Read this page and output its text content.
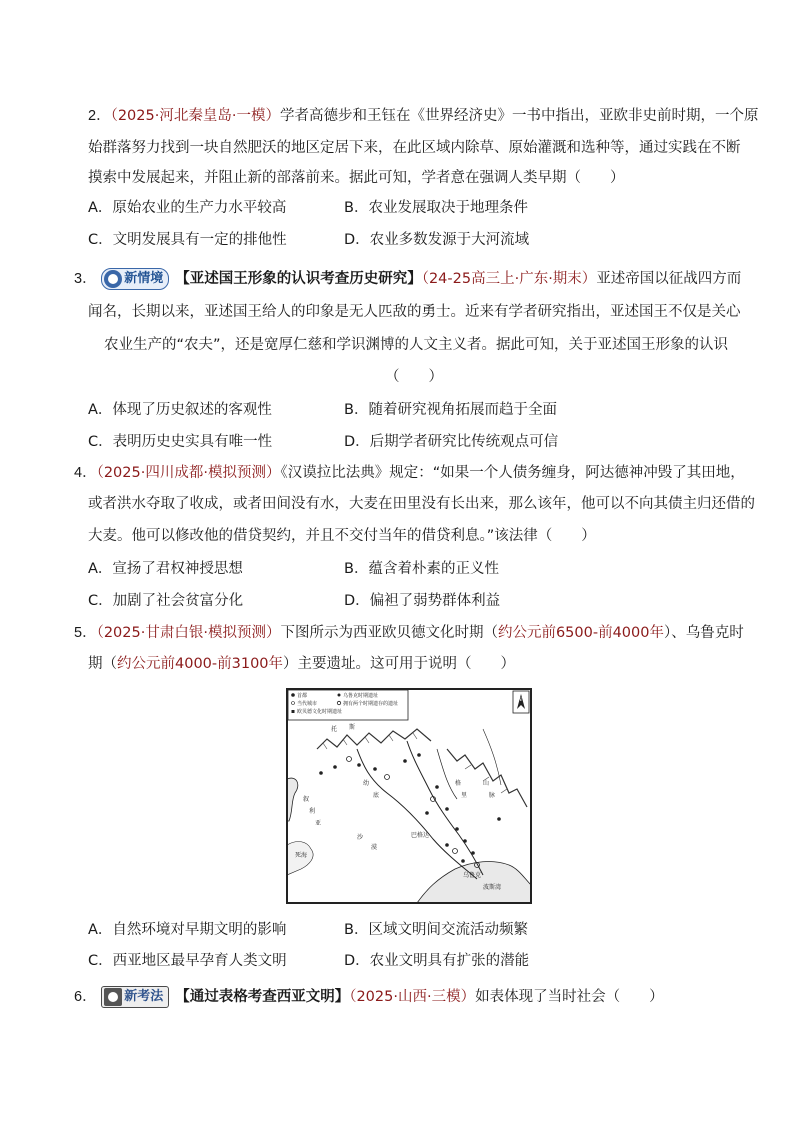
2．（2025·河北秦皇岛·一模）学者高德步和王钰在《世界经济史》一书中指出，亚欧非史前时期，一个原
始群落努力找到一块自然肥沃的地区定居下来，在此区域内除草、原始灌溉和选种等，通过实践在不断
摸索中发展起来，并阻止新的部落前来。据此可知，学者意在强调人类早期（　　）
A．原始农业的生产力水平较高	B．农业发展取决于地理条件
C．文明发展具有一定的排他性	D．农业多数发源于大河流域
3． 新情境 【亚述国王形象的认识考查历史研究】（24-25高三上·广东·期末）亚述帝国以征战四方而
闻名，长期以来，亚述国王给人的印象是无人匹敌的勇士。近来有学者研究指出，亚述国王不仅是关心
农业生产的“农夫”，还是宽厚仁慈和学识渊博的人文主义者。据此可知，关于亚述国王形象的认识
（　　）
A．体现了历史叙述的客观性	B．随着研究视角拓展而趋于全面
C．表明历史史实具有唯一性	D．后期学者研究比传统观点可信
4．（2025·四川成都·模拟预测）《汉谟拉比法典》规定：“如果一个人债务缠身，阿达德神冲毁了其田地，
或者洪水夺取了收成，或者田间没有水，大麦在田里没有长出来，那么该年，他可以不向其债主归还借的
大麦。他可以修改他的借贷契约，并且不交付当年的借贷利息。”该法律（　　）
A．宣扬了君权神授思想	B．蕴含着朴素的正义性
C．加剧了社会贫富分化	D．偏袒了弱势群体利益
5．（2025·甘肃白银·模拟预测）下图所示为西亚欧贝德文化时期（约公元前6500-前4000年）、乌鲁克时
期（约公元前4000-前3100年）主要遗址。这可用于说明（　　）
首都
当代城市
欧贝德文化时期遗址
乌鲁克时期遗址
拥有两个时期遗存的遗址
N
托 斯
山
脉
幼
底
格
里
波斯湾
乌鲁克
巴格达
叙
利
亚
沙
漠
死海
A．自然环境对早期文明的影响	B．区域文明间交流活动频繁
C．西亚地区最早孕育人类文明	D．农业文明具有扩张的潜能
6． 新考法 【通过表格考查西亚文明】（2025·山西·三模）如表体现了当时社会（　　）
